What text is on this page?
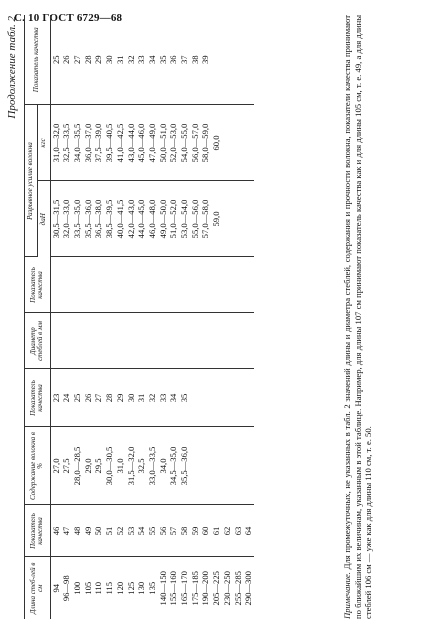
С. 10 ГОСТ 6729—68
Продолжение табл. 2
Длина стеб-лей в см	Показатель качества	Содержание волокна в %	Показатель качества	Диаметр стеблей в мм	Показатель качества	Разрывное усилие волокна		Показатель качества
						даН	кгс	
94	46	27,0	23			30,5—31,5	31,0—32,0	25
96—98	47	27,5	24			32,0—33,0	32,5—33,5	26
100	48	28,0—28,5	25			33,5—35,0	34,0—35,5	27
105	49	29,0	26			35,5—36,0	36,0—37,0	28
110	50	29,5	27			36,5—38,0	37,5—39,0	29
115	51	30,0—30,5	28			38,5—39,5	39,5—40,5	30
120	52	31,0	29			40,0—41,5	41,0—42,5	31
125	53	31,5—32,0	30			42,0—43,0	43,0—44,0	32
130	54	32,5	31			44,0—45,0	45,0—46,0	33
135	55	33,0—33,5	32			46,0—48,0	47,0—49,0	34
140—150	56	34,0	33			49,0—50,0	50,0—51,0	35
155—160	57	34,5—35,0	34			51,0—52,0	52,0—53,0	36
165—170	58	35,5—36,0	35			53,0—54,0	54,0—55,0	37
175—185	59					55,0—56,0	56,0—57,0	38
190—200	60					57,0—58,0	58,0—59,0	39
205—225	61					59,0	60,0	
230—250	62							
255—285	63							
290—300	64							
Примечание. Для промежуточных, не указанных в табл. 2 значений длины и диаметра стеблей, содержания и прочности волокна, показатели качества принимают по ближайшим их величинам, указанным в этой таблице. Например, для длины 107 см принимают показатель качества как и для длины 105 см, т. е. 49, а для длины стеблей 106 см — уже как для длины 110 см, т. е. 50.
